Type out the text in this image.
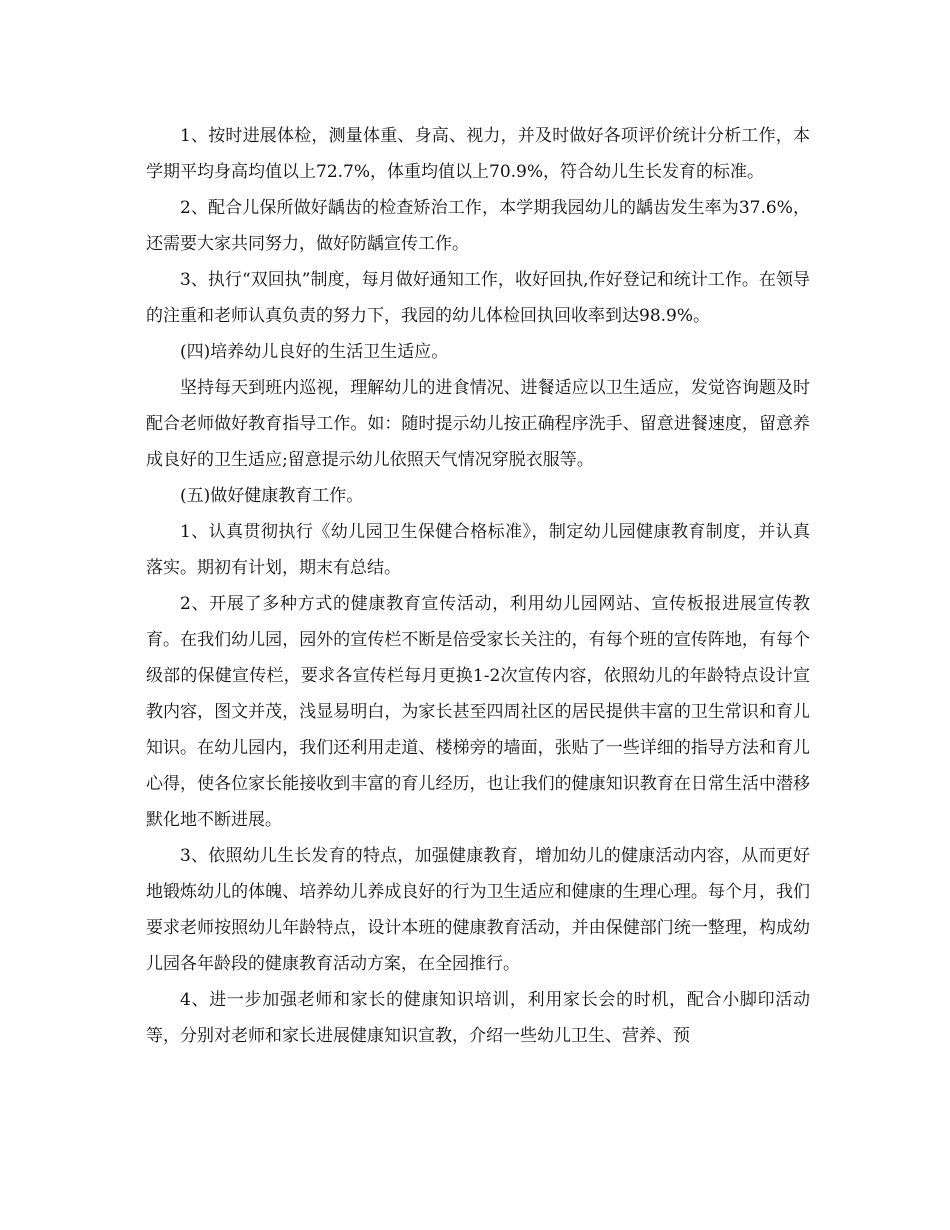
1、按时进展体检，测量体重、身高、视力，并及时做好各项评价统计分析工作，本学期平均身高均值以上72.7%，体重均值以上70.9%，符合幼儿生长发育的标准。

2、配合儿保所做好龋齿的检查矫治工作，本学期我园幼儿的龋齿发生率为37.6%，还需要大家共同努力，做好防龋宣传工作。

3、执行“双回执”制度，每月做好通知工作，收好回执,作好登记和统计工作。在领导的注重和老师认真负责的努力下，我园的幼儿体检回执回收率到达98.9%。

(四)培养幼儿良好的生活卫生适应。

坚持每天到班内巡视，理解幼儿的进食情况、进餐适应以卫生适应，发觉咨询题及时配合老师做好教育指导工作。如：随时提示幼儿按正确程序洗手、留意进餐速度，留意养成良好的卫生适应;留意提示幼儿依照天气情况穿脱衣服等。

(五)做好健康教育工作。

1、认真贯彻执行《幼儿园卫生保健合格标准》，制定幼儿园健康教育制度，并认真落实。期初有计划，期末有总结。

2、开展了多种方式的健康教育宣传活动，利用幼儿园网站、宣传板报进展宣传教育。在我们幼儿园，园外的宣传栏不断是倍受家长关注的，有每个班的宣传阵地，有每个级部的保健宣传栏，要求各宣传栏每月更换1-2次宣传内容，依照幼儿的年龄特点设计宣教内容，图文并茂，浅显易明白，为家长甚至四周社区的居民提供丰富的卫生常识和育儿知识。在幼儿园内，我们还利用走道、楼梯旁的墙面，张贴了一些详细的指导方法和育儿心得，使各位家长能接收到丰富的育儿经历，也让我们的健康知识教育在日常生活中潜移默化地不断进展。

3、依照幼儿生长发育的特点，加强健康教育，增加幼儿的健康活动内容，从而更好地锻炼幼儿的体魄、培养幼儿养成良好的行为卫生适应和健康的生理心理。每个月，我们要求老师按照幼儿年龄特点，设计本班的健康教育活动，并由保健部门统一整理，构成幼儿园各年龄段的健康教育活动方案，在全园推行。

4、进一步加强老师和家长的健康知识培训，利用家长会的时机，配合小脚印活动等，分别对老师和家长进展健康知识宣教，介绍一些幼儿卫生、营养、预
